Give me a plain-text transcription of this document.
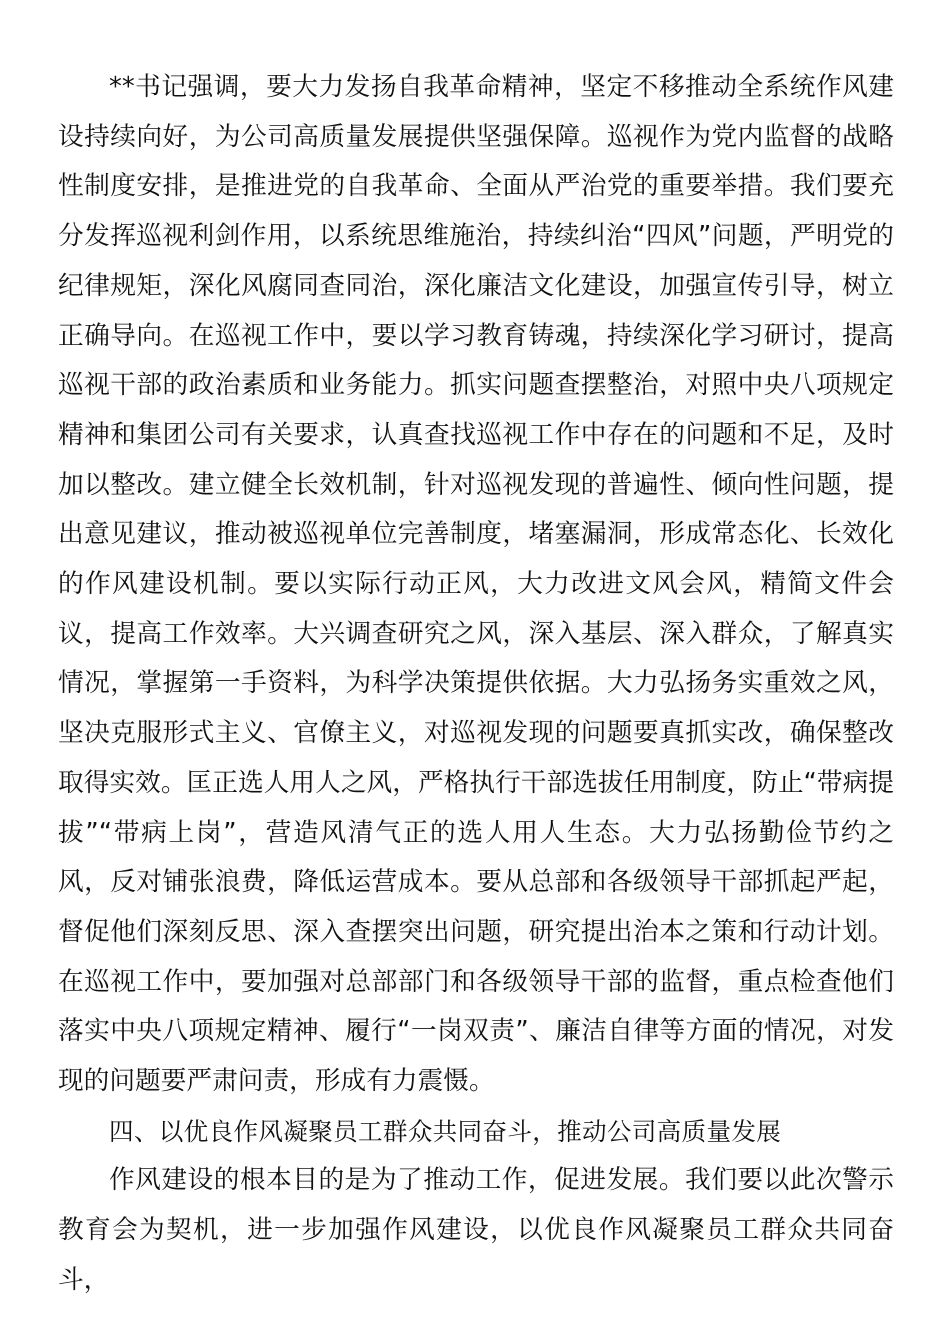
**书记强调，要大力发扬自我革命精神，坚定不移推动全系统作风建设持续向好，为公司高质量发展提供坚强保障。巡视作为党内监督的战略性制度安排，是推进党的自我革命、全面从严治党的重要举措。我们要充分发挥巡视利剑作用，以系统思维施治，持续纠治“四风”问题，严明党的纪律规矩，深化风腐同查同治，深化廉洁文化建设，加强宣传引导，树立正确导向。在巡视工作中，要以学习教育铸魂，持续深化学习研讨，提高巡视干部的政治素质和业务能力。抓实问题查摆整治，对照中央八项规定精神和集团公司有关要求，认真查找巡视工作中存在的问题和不足，及时加以整改。建立健全长效机制，针对巡视发现的普遍性、倾向性问题，提出意见建议，推动被巡视单位完善制度，堵塞漏洞，形成常态化、长效化的作风建设机制。要以实际行动正风，大力改进文风会风，精简文件会议，提高工作效率。大兴调查研究之风，深入基层、深入群众，了解真实情况，掌握第一手资料，为科学决策提供依据。大力弘扬务实重效之风，坚决克服形式主义、官僚主义，对巡视发现的问题要真抓实改，确保整改取得实效。匡正选人用人之风，严格执行干部选拔任用制度，防止“带病提拔”“带病上岗”，营造风清气正的选人用人生态。大力弘扬勤俭节约之风，反对铺张浪费，降低运营成本。要从总部和各级领导干部抓起严起，督促他们深刻反思、深入查摆突出问题，研究提出治本之策和行动计划。在巡视工作中，要加强对总部部门和各级领导干部的监督，重点检查他们落实中央八项规定精神、履行“一岗双责”、廉洁自律等方面的情况，对发现的问题要严肃问责，形成有力震慑。

四、以优良作风凝聚员工群众共同奋斗，推动公司高质量发展

作风建设的根本目的是为了推动工作，促进发展。我们要以此次警示教育会为契机，进一步加强作风建设，以优良作风凝聚员工群众共同奋斗，
